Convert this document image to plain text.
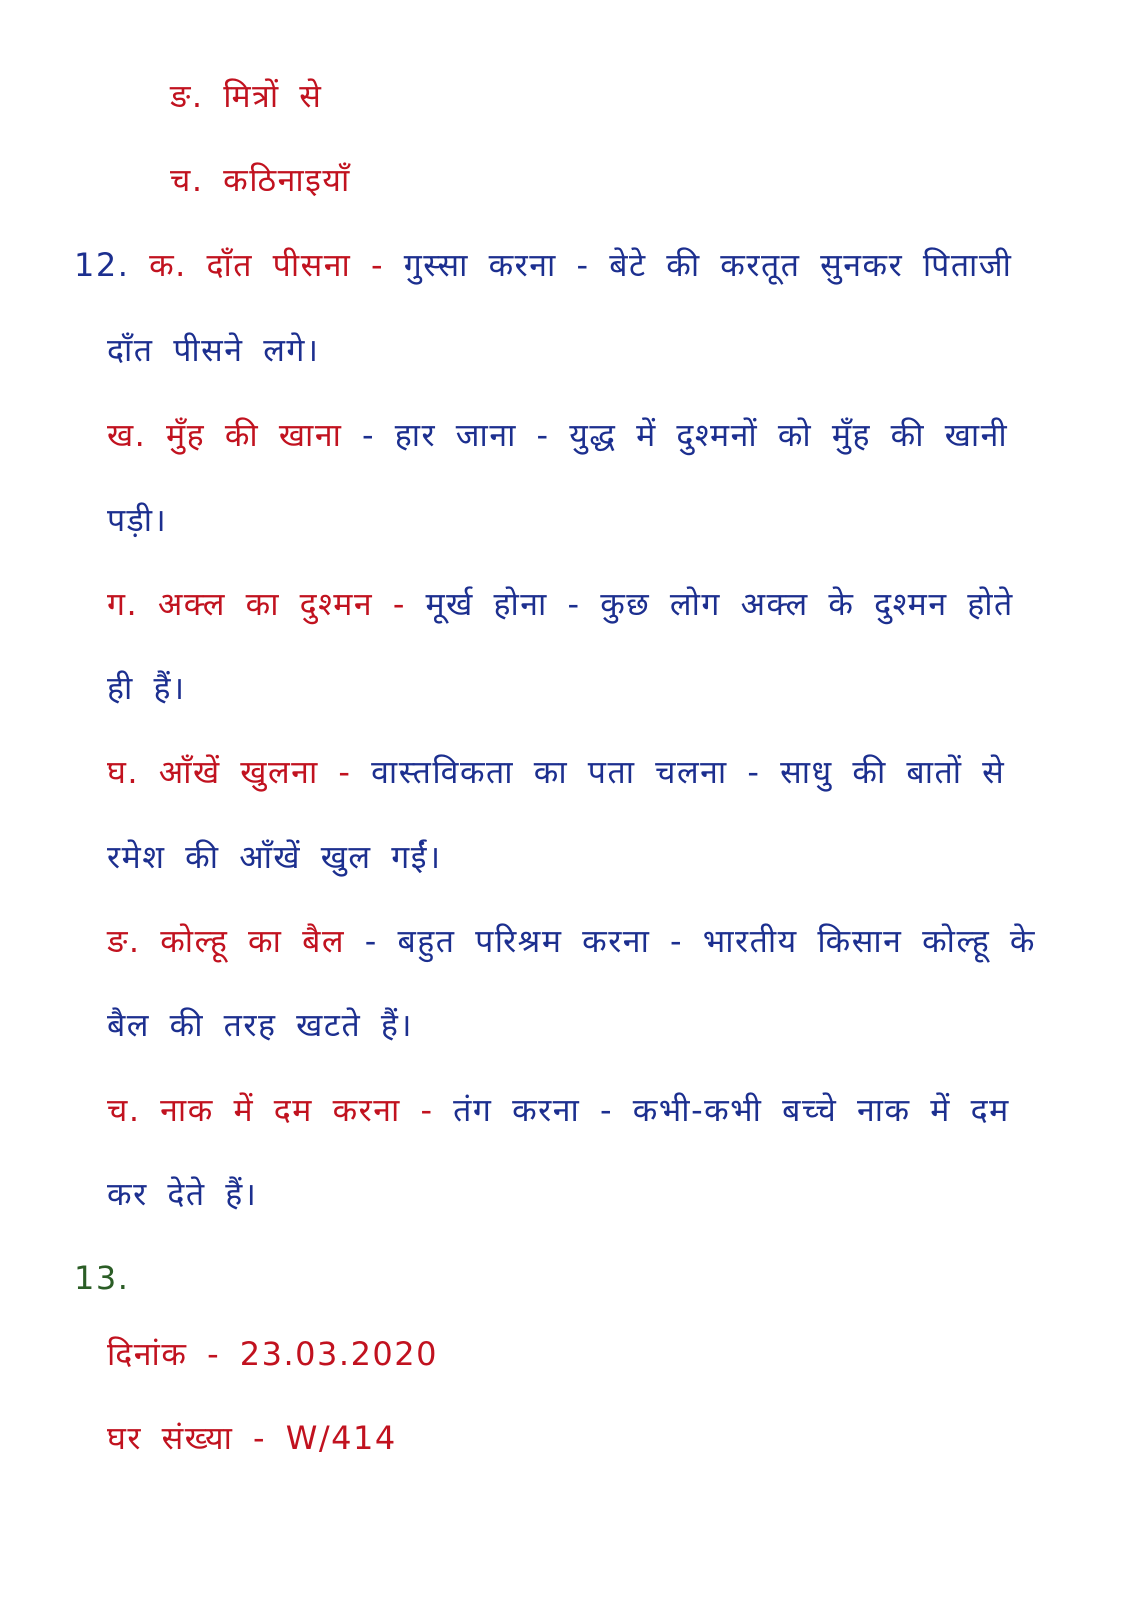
ङ. मित्रों से
च. कठिनाइयाँ
12. क. दाँत पीसना - गुस्सा करना - बेटे की करतूत सुनकर पिताजी
दाँत पीसने लगे।
ख. मुँह की खाना - हार जाना - युद्ध में दुश्मनों को मुँह की खानी
पड़ी।
ग. अक्ल का दुश्मन - मूर्ख होना - कुछ लोग अक्ल के दुश्मन होते
ही हैं।
घ. आँखें खुलना - वास्तविकता का पता चलना - साधु की बातों से
रमेश की आँखें खुल गईं।
ङ. कोल्हू का बैल - बहुत परिश्रम करना - भारतीय किसान कोल्हू के
बैल की तरह खटते हैं।
च. नाक में दम करना - तंग करना - कभी-कभी बच्चे नाक में दम
कर देते हैं।
13.
दिनांक - 23.03.2020
घर संख्या - W/414
